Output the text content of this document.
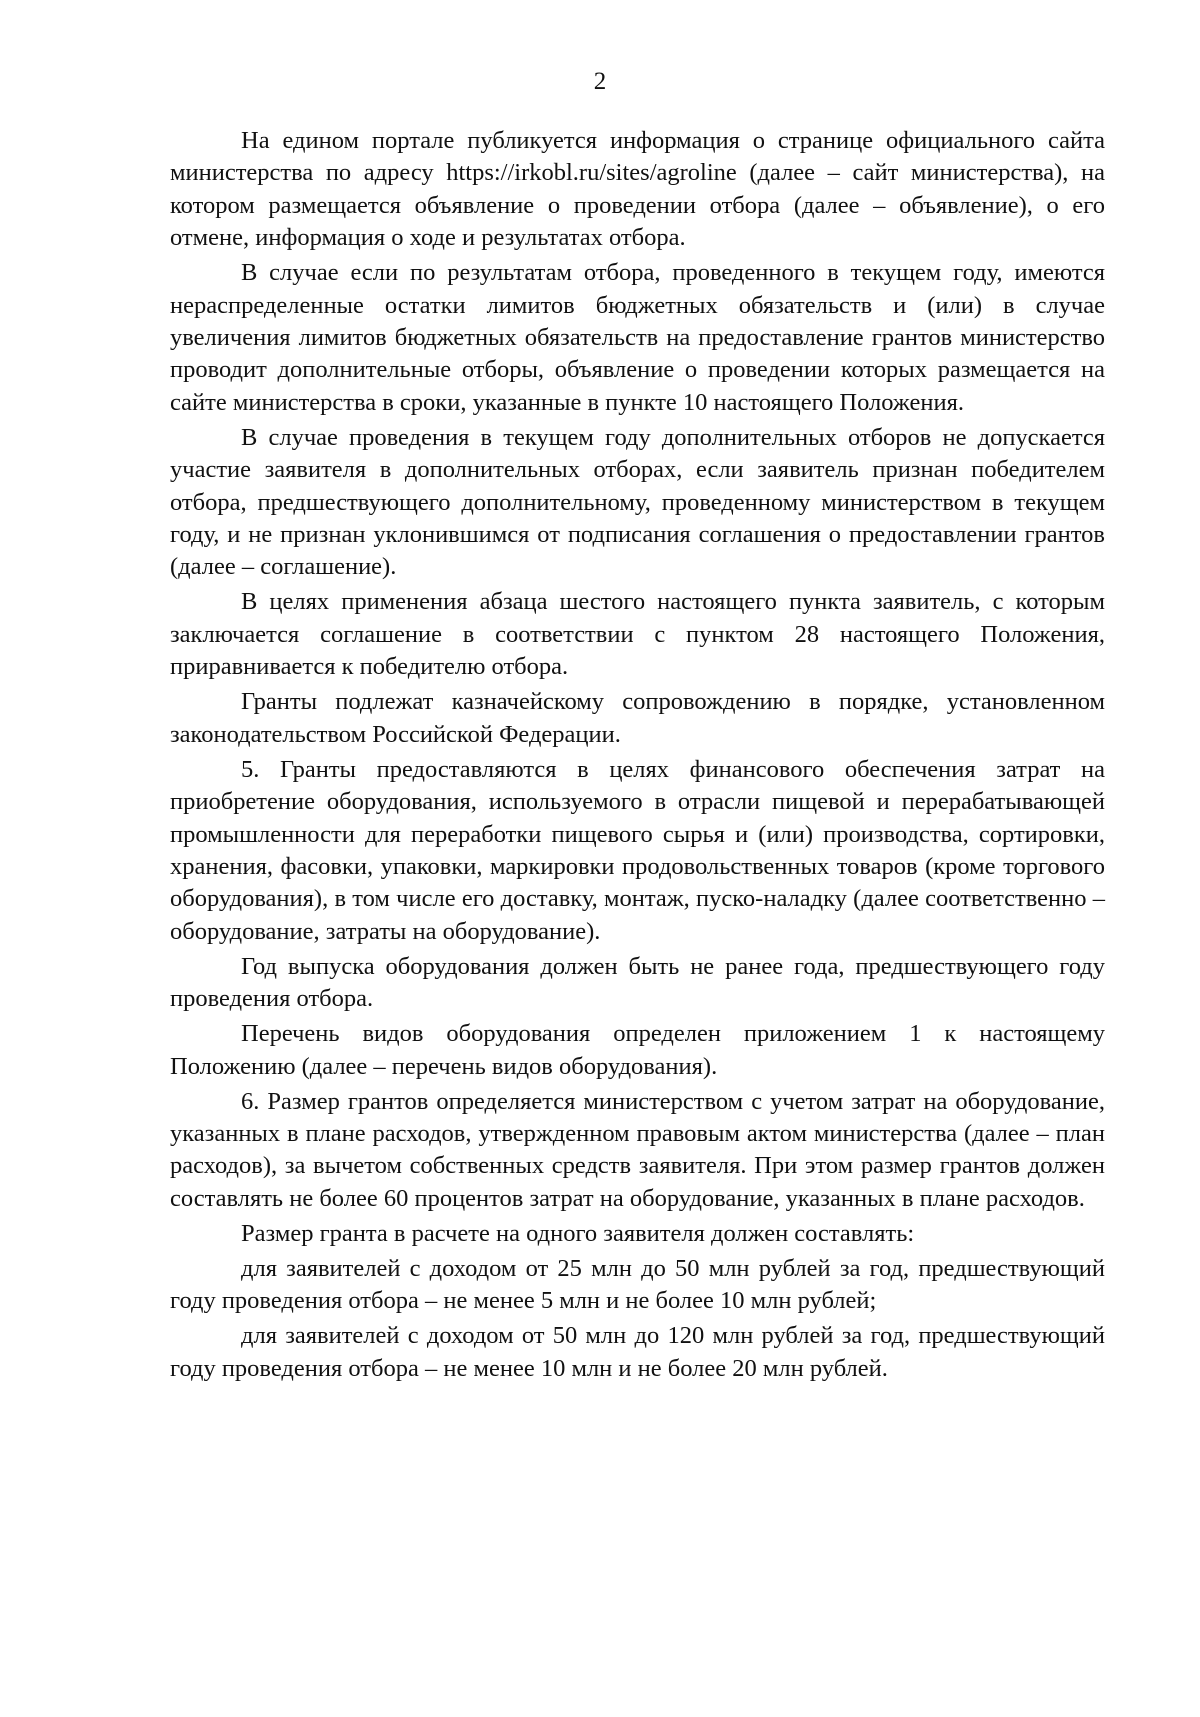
2

На едином портале публикуется информация о странице официального сайта министерства по адресу https://irkobl.ru/sites/agroline (далее – сайт министерства), на котором размещается объявление о проведении отбора (далее – объявление), о его отмене, информация о ходе и результатах отбора.

В случае если по результатам отбора, проведенного в текущем году, имеются нераспределенные остатки лимитов бюджетных обязательств и (или) в случае увеличения лимитов бюджетных обязательств на предоставление грантов министерство проводит дополнительные отборы, объявление о проведении которых размещается на сайте министерства в сроки, указанные в пункте 10 настоящего Положения.

В случае проведения в текущем году дополнительных отборов не допускается участие заявителя в дополнительных отборах, если заявитель признан победителем отбора, предшествующего дополнительному, проведенному министерством в текущем году, и не признан уклонившимся от подписания соглашения о предоставлении грантов (далее – соглашение).

В целях применения абзаца шестого настоящего пункта заявитель, с которым заключается соглашение в соответствии с пунктом 28 настоящего Положения, приравнивается к победителю отбора.

Гранты подлежат казначейскому сопровождению в порядке, установленном законодательством Российской Федерации.

5. Гранты предоставляются в целях финансового обеспечения затрат на приобретение оборудования, используемого в отрасли пищевой и перерабатывающей промышленности для переработки пищевого сырья и (или) производства, сортировки, хранения, фасовки, упаковки, маркировки продовольственных товаров (кроме торгового оборудования), в том числе его доставку, монтаж, пуско-наладку (далее соответственно – оборудование, затраты на оборудование).

Год выпуска оборудования должен быть не ранее года, предшествующего году проведения отбора.

Перечень видов оборудования определен приложением 1 к настоящему Положению (далее – перечень видов оборудования).

6. Размер грантов определяется министерством с учетом затрат на оборудование, указанных в плане расходов, утвержденном правовым актом министерства (далее – план расходов), за вычетом собственных средств заявителя. При этом размер грантов должен составлять не более 60 процентов затрат на оборудование, указанных в плане расходов.

Размер гранта в расчете на одного заявителя должен составлять:

для заявителей с доходом от 25 млн до 50 млн рублей за год, предшествующий году проведения отбора – не менее 5 млн и не более 10 млн рублей;

для заявителей с доходом от 50 млн до 120 млн рублей за год, предшествующий году проведения отбора – не менее 10 млн и не более 20 млн рублей.
